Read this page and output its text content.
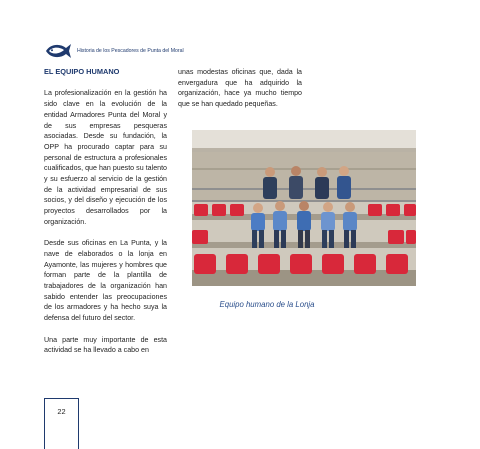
Historia de los Pescadores de Punta del Moral

EL EQUIPO HUMANO

La profesionalización en la gestión ha sido clave en la evolución de la entidad Armadores Punta del Moral y de sus empresas pesqueras asociadas. Desde su fundación, la OPP ha procurado captar para su personal de estructura a profesionales cualificados, que han puesto su talento y su esfuerzo al servicio de la gestión de la actividad empresarial de sus socios, y del diseño y ejecución de los proyectos desarrollados por la organización.

Desde sus oficinas en La Punta, y la nave de elaborados o la lonja en Ayamonte, las mujeres y hombres que forman parte de la plantilla de trabajadores de la organización han sabido entender las preocupaciones de los armadores y ha hecho suya la defensa del futuro del sector.

Una parte muy importante de esta actividad se ha llevado a cabo en

unas modestas oficinas que, dada la envergadura que ha adquirido la organización, hace ya mucho tiempo que se han quedado pequeñas.

Equipo humano de la Lonja
22
